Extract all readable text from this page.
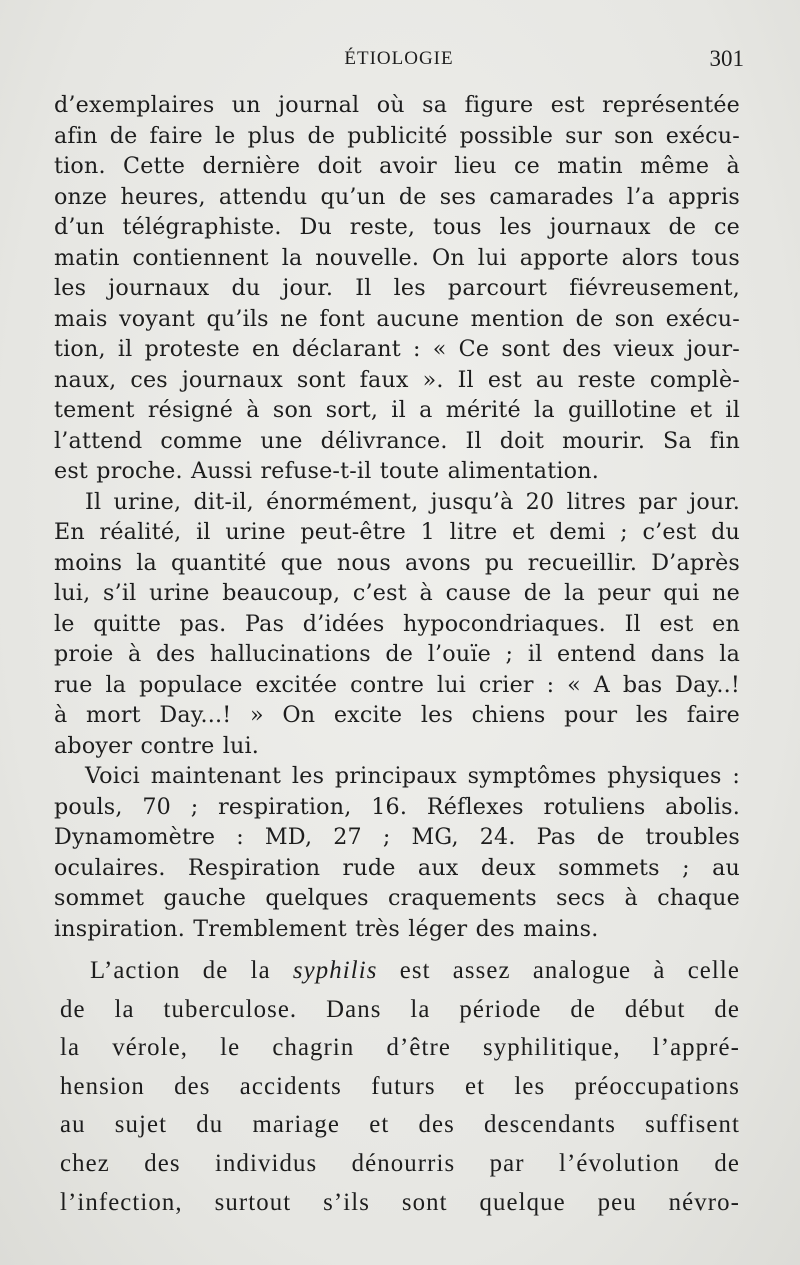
ÉTIOLOGIE	301

d’exemplaires un journal où sa figure est représentée
afin de faire le plus de publicité possible sur son exécu-
tion. Cette dernière doit avoir lieu ce matin même à
onze heures, attendu qu’un de ses camarades l’a appris
d’un télégraphiste. Du reste, tous les journaux de ce
matin contiennent la nouvelle. On lui apporte alors tous
les journaux du jour. Il les parcourt fiévreusement,
mais voyant qu’ils ne font aucune mention de son exécu-
tion, il proteste en déclarant : « Ce sont des vieux jour-
naux, ces journaux sont faux ». Il est au reste complè-
tement résigné à son sort, il a mérité la guillotine et il
l’attend comme une délivrance. Il doit mourir. Sa fin
est proche. Aussi refuse-t-il toute alimentation.

Il urine, dit-il, énormément, jusqu’à 20 litres par jour.
En réalité, il urine peut-être 1 litre et demi ; c’est du
moins la quantité que nous avons pu recueillir. D’après
lui, s’il urine beaucoup, c’est à cause de la peur qui ne
le quitte pas. Pas d’idées hypocondriaques. Il est en
proie à des hallucinations de l’ouïe ; il entend dans la
rue la populace excitée contre lui crier : « A bas Day..!
à mort Day...! » On excite les chiens pour les faire
aboyer contre lui.

Voici maintenant les principaux symptômes physiques :
pouls, 70 ; respiration, 16. Réflexes rotuliens abolis.
Dynamomètre : MD, 27 ; MG, 24. Pas de troubles
oculaires. Respiration rude aux deux sommets ; au
sommet gauche quelques craquements secs à chaque
inspiration. Tremblement très léger des mains.

L’action de la syphilis est assez analogue à celle
de la tuberculose. Dans la période de début de
la vérole, le chagrin d’être syphilitique, l’appré-
hension des accidents futurs et les préoccupations
au sujet du mariage et des descendants suffisent
chez des individus dénourris par l’évolution de
l’infection, surtout s’ils sont quelque peu névro-
